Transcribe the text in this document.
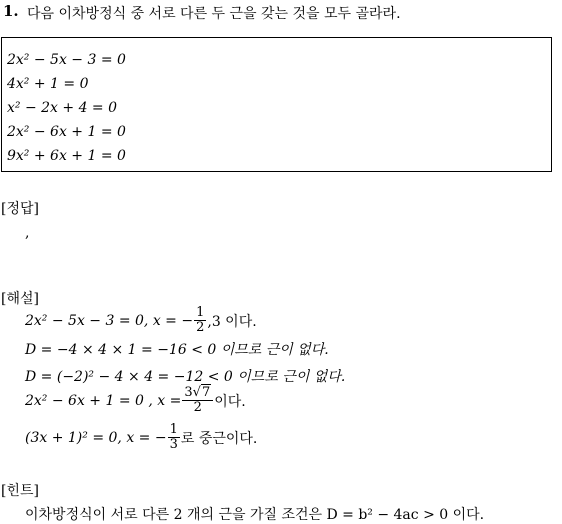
1. 다음 이차방정식 중 서로 다른 두 근을 갖는 것을 모두 골라라.
2x² − 5x − 3 = 0
4x² + 1 = 0
x² − 2x + 4 = 0
2x² − 6x + 1 = 0
9x² + 6x + 1 = 0
[정답]
,
[해설]
2x² − 5x − 3 = 0, x = − $\frac{1}{2} ,3$ 이다.
D = −4 × 4 × 1 = −16 < 0 이므로 근이 없다.
D = (−2)² − 4 × 4 = −12 < 0 이므로 근이 없다.
2x² − 6x + 1 = 0 , $x = \frac{3√7}{2}$ 이다.
(3x + 1)² = 0, x = − $\frac{1}{3}$ 로 중근이다.
[힌트]
이차방정식이 서로 다른 2 개의 근을 가질 조건은 D = b² − 4ac > 0 이다.
